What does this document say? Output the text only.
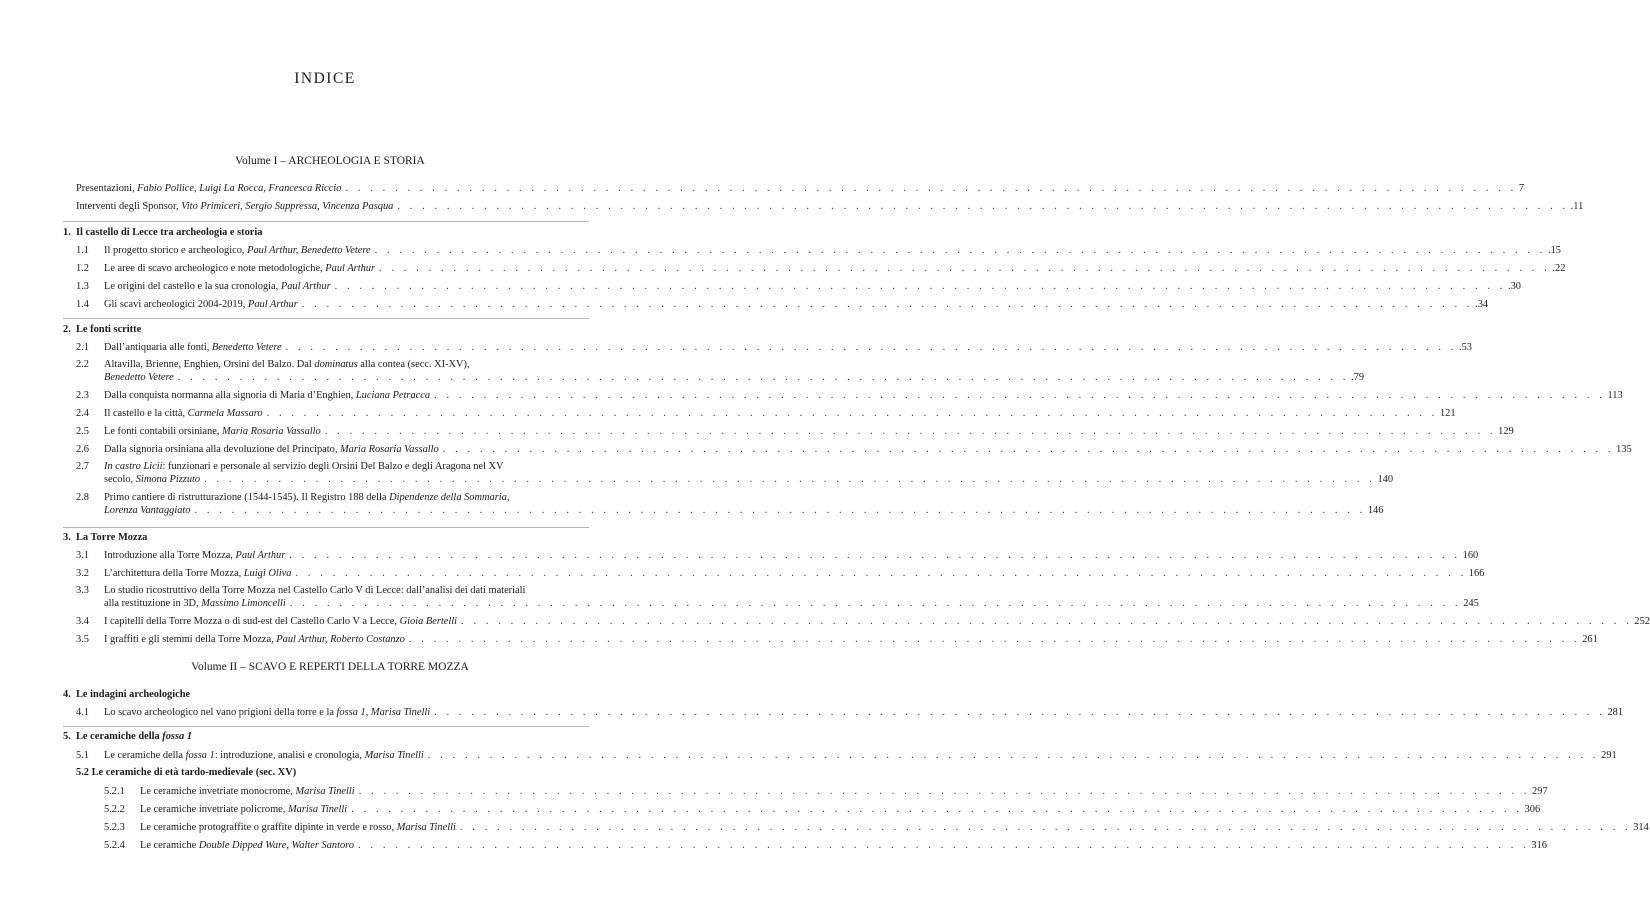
INDICE
Volume I – ARCHEOLOGIA E STORIA
Presentazioni, Fabio Pollice, Luigi La Rocca, Francesca Riccio . . . . . . . . . . . . . . . . . . . . . . . . . . . . . . . . . . . . . . . . . . . . . . . . . . . . . . . . . . . . . . . . . . . . . . . . . . . . . . . . . . . . . . . . . . . . . . . 7
Interventi degli Sponsor, Vito Primiceri, Sergio Suppressa, Vincenza Pasqua . . . . . . . . . . . . . . . . . . . . . . . . . . . . . . . . . . . . . . . . . . . . . . . . . . . . . . . . . . . . . . . . . . . . . . . . . . . . . . . . . . . . . . . . . . . . . . . .11
1. Il castello di Lecce tra archeologia e storia
1.1 Il progetto storico e archeologico, Paul Arthur, Benedetto Vetere . . . . . . . . . . . . . . . . . . . . . . . . . . . . . . . . . . . . . . . . . . . . . . . . . . . . . . . . . . . . . . . . . . . . . . . . . . . . . . . . . . . . . . . . . . . . . . . .15
1.2 Le aree di scavo archeologico e note metodologiche, Paul Arthur . . . . . . . . . . . . . . . . . . . . . . . . . . . . . . . . . . . . . . . . . . . . . . . . . . . . . . . . . . . . . . . . . . . . . . . . . . . . . . . . . . . . . . . . . . . . . . . .22
1.3 Le origini del castello e la sua cronologia, Paul Arthur . . . . . . . . . . . . . . . . . . . . . . . . . . . . . . . . . . . . . . . . . . . . . . . . . . . . . . . . . . . . . . . . . . . . . . . . . . . . . . . . . . . . . . . . . . . . . . . .30
1.4 Gli scavi archeologici 2004-2019, Paul Arthur . . . . . . . . . . . . . . . . . . . . . . . . . . . . . . . . . . . . . . . . . . . . . . . . . . . . . . . . . . . . . . . . . . . . . . . . . . . . . . . . . . . . . . . . . . . . . . . .34
2. Le fonti scritte
2.1 Dall’antiquaria alle fonti, Benedetto Vetere . . . . . . . . . . . . . . . . . . . . . . . . . . . . . . . . . . . . . . . . . . . . . . . . . . . . . . . . . . . . . . . . . . . . . . . . . . . . . . . . . . . . . . . . . . . . . . . .53
2.2 Altavilla, Brienne, Enghien, Orsini del Balzo. Dal dominatus alla contea (secc. XI-XV),
Benedetto Vetere . . . . . . . . . . . . . . . . . . . . . . . . . . . . . . . . . . . . . . . . . . . . . . . . . . . . . . . . . . . . . . . . . . . . . . . . . . . . . . . . . . . . . . . . . . . . . . . .79
2.3 Dalla conquista normanna alla signoria di Maria d’Enghien, Luciana Petracca . . . . . . . . . . . . . . . . . . . . . . . . . . . . . . . . . . . . . . . . . . . . . . . . . . . . . . . . . . . . . . . . . . . . . . . . . . . . . . . . . . . . . . . . . . . . . . . 113
2.4 Il castello e la città, Carmela Massaro . . . . . . . . . . . . . . . . . . . . . . . . . . . . . . . . . . . . . . . . . . . . . . . . . . . . . . . . . . . . . . . . . . . . . . . . . . . . . . . . . . . . . . . . . . . . . . . 121
2.5 Le fonti contabili orsiniane, Maria Rosaria Vassallo . . . . . . . . . . . . . . . . . . . . . . . . . . . . . . . . . . . . . . . . . . . . . . . . . . . . . . . . . . . . . . . . . . . . . . . . . . . . . . . . . . . . . . . . . . . . . . . 129
2.6 Dalla signoria orsiniana alla devoluzione del Principato, Maria Rosaria Vassallo . . . . . . . . . . . . . . . . . . . . . . . . . . . . . . . . . . . . . . . . . . . . . . . . . . . . . . . . . . . . . . . . . . . . . . . . . . . . . . . . . . . . . . . . . . . . . . . 135
2.7 In castro Licii: funzionari e personale al servizio degli Orsini Del Balzo e degli Aragona nel XV
secolo, Simona Pizzuto . . . . . . . . . . . . . . . . . . . . . . . . . . . . . . . . . . . . . . . . . . . . . . . . . . . . . . . . . . . . . . . . . . . . . . . . . . . . . . . . . . . . . . . . . . . . . . . 140
2.8 Primo cantiere di ristrutturazione (1544-1545). Il Registro 188 della Dipendenze della Sommaria,
Lorenza Vantaggiato . . . . . . . . . . . . . . . . . . . . . . . . . . . . . . . . . . . . . . . . . . . . . . . . . . . . . . . . . . . . . . . . . . . . . . . . . . . . . . . . . . . . . . . . . . . . . . . 146
3. La Torre Mozza
3.1 Introduzione alla Torre Mozza, Paul Arthur . . . . . . . . . . . . . . . . . . . . . . . . . . . . . . . . . . . . . . . . . . . . . . . . . . . . . . . . . . . . . . . . . . . . . . . . . . . . . . . . . . . . . . . . . . . . . . . 160
3.2 L’architettura della Torre Mozza, Luigi Oliva . . . . . . . . . . . . . . . . . . . . . . . . . . . . . . . . . . . . . . . . . . . . . . . . . . . . . . . . . . . . . . . . . . . . . . . . . . . . . . . . . . . . . . . . . . . . . . . 166
3.3 Lo studio ricostruttivo della Torre Mozza nel Castello Carlo V di Lecce: dall’analisi dei dati materiali
alla restituzione in 3D, Massimo Limoncelli . . . . . . . . . . . . . . . . . . . . . . . . . . . . . . . . . . . . . . . . . . . . . . . . . . . . . . . . . . . . . . . . . . . . . . . . . . . . . . . . . . . . . . . . . . . . . . . 245
3.4 I capitelli della Torre Mozza o di sud-est del Castello Carlo V a Lecce, Gioia Bertelli . . . . . . . . . . . . . . . . . . . . . . . . . . . . . . . . . . . . . . . . . . . . . . . . . . . . . . . . . . . . . . . . . . . . . . . . . . . . . . . . . . . . . . . . . . . . . . . 252
3.5 I graffiti e gli stemmi della Torre Mozza, Paul Arthur, Roberto Costanzo . . . . . . . . . . . . . . . . . . . . . . . . . . . . . . . . . . . . . . . . . . . . . . . . . . . . . . . . . . . . . . . . . . . . . . . . . . . . . . . . . . . . . . . . . . . . . . . 261
Volume II – SCAVO E REPERTI DELLA TORRE MOZZA
4. Le indagini archeologiche
4.1 Lo scavo archeologico nel vano prigioni della torre e la fossa 1, Marisa Tinelli . . . . . . . . . . . . . . . . . . . . . . . . . . . . . . . . . . . . . . . . . . . . . . . . . . . . . . . . . . . . . . . . . . . . . . . . . . . . . . . . . . . . . . . . . . . . . . . 281
5. Le ceramiche della fossa 1
5.1 Le ceramiche della fossa 1: introduzione, analisi e cronologia, Marisa Tinelli . . . . . . . . . . . . . . . . . . . . . . . . . . . . . . . . . . . . . . . . . . . . . . . . . . . . . . . . . . . . . . . . . . . . . . . . . . . . . . . . . . . . . . . . . . . . . . . 291
5.2 Le ceramiche di età tardo-medievale (sec. XV)
5.2.1 Le ceramiche invetriate monocrome, Marisa Tinelli . . . . . . . . . . . . . . . . . . . . . . . . . . . . . . . . . . . . . . . . . . . . . . . . . . . . . . . . . . . . . . . . . . . . . . . . . . . . . . . . . . . . . . . . . . . . . . . 297
5.2.2 Le ceramiche invetriate policrome, Marisa Tinelli . . . . . . . . . . . . . . . . . . . . . . . . . . . . . . . . . . . . . . . . . . . . . . . . . . . . . . . . . . . . . . . . . . . . . . . . . . . . . . . . . . . . . . . . . . . . . . . 306
5.2.3 Le ceramiche protograffite o graffite dipinte in verde e rosso, Marisa Tinelli . . . . . . . . . . . . . . . . . . . . . . . . . . . . . . . . . . . . . . . . . . . . . . . . . . . . . . . . . . . . . . . . . . . . . . . . . . . . . . . . . . . . . . . . . . . . . . . 314
5.2.4 Le ceramiche Double Dipped Ware, Walter Santoro . . . . . . . . . . . . . . . . . . . . . . . . . . . . . . . . . . . . . . . . . . . . . . . . . . . . . . . . . . . . . . . . . . . . . . . . . . . . . . . . . . . . . . . . . . . . . . . 316
